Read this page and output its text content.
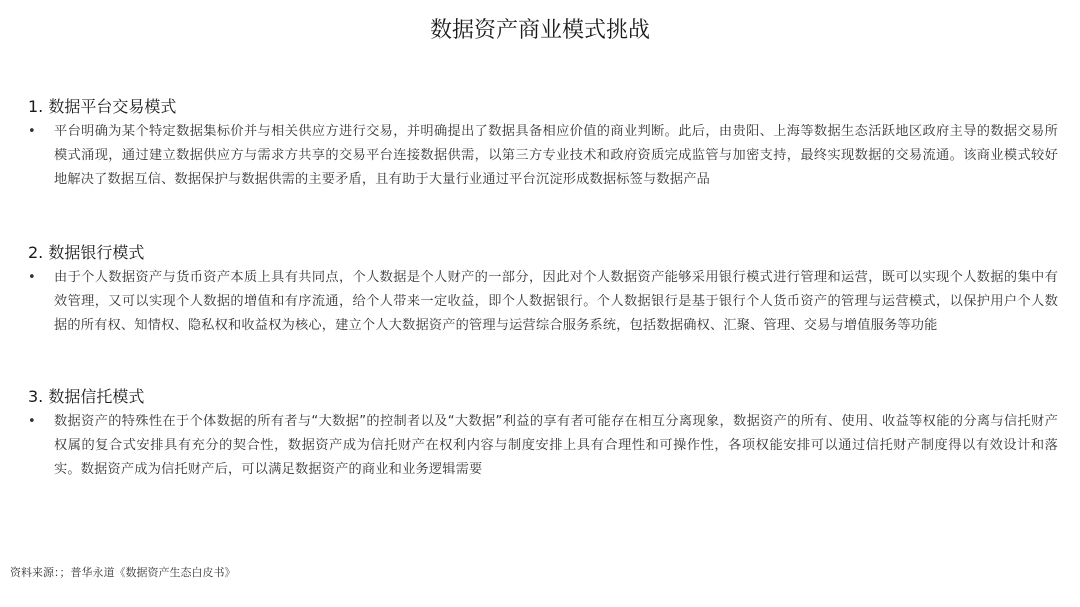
数据资产商业模式挑战
1. 数据平台交易模式
•	平台明确为某个特定数据集标价并与相关供应方进行交易，并明确提出了数据具备相应价值的商业判断。此后，由贵阳、上海等数据生态活跃地区政府主导的数据交易所模式涌现，通过建立数据供应方与需求方共享的交易平台连接数据供需，以第三方专业技术和政府资质完成监管与加密支持，最终实现数据的交易流通。该商业模式较好地解决了数据互信、数据保护与数据供需的主要矛盾，且有助于大量行业通过平台沉淀形成数据标签与数据产品
2. 数据银行模式
•	由于个人数据资产与货币资产本质上具有共同点，个人数据是个人财产的一部分，因此对个人数据资产能够采用银行模式进行管理和运营，既可以实现个人数据的集中有效管理，又可以实现个人数据的增值和有序流通，给个人带来一定收益，即个人数据银行。个人数据银行是基于银行个人货币资产的管理与运营模式，以保护用户个人数据的所有权、知情权、隐私权和收益权为核心，建立个人大数据资产的管理与运营综合服务系统，包括数据确权、汇聚、管理、交易与增值服务等功能
3. 数据信托模式
•	数据资产的特殊性在于个体数据的所有者与“大数据”的控制者以及“大数据”利益的享有者可能存在相互分离现象，数据资产的所有、使用、收益等权能的分离与信托财产权属的复合式安排具有充分的契合性，数据资产成为信托财产在权利内容与制度安排上具有合理性和可操作性，各项权能安排可以通过信托财产制度得以有效设计和落实。数据资产成为信托财产后，可以满足数据资产的商业和业务逻辑需要
资料来源：；普华永道《数据资产生态白皮书》
